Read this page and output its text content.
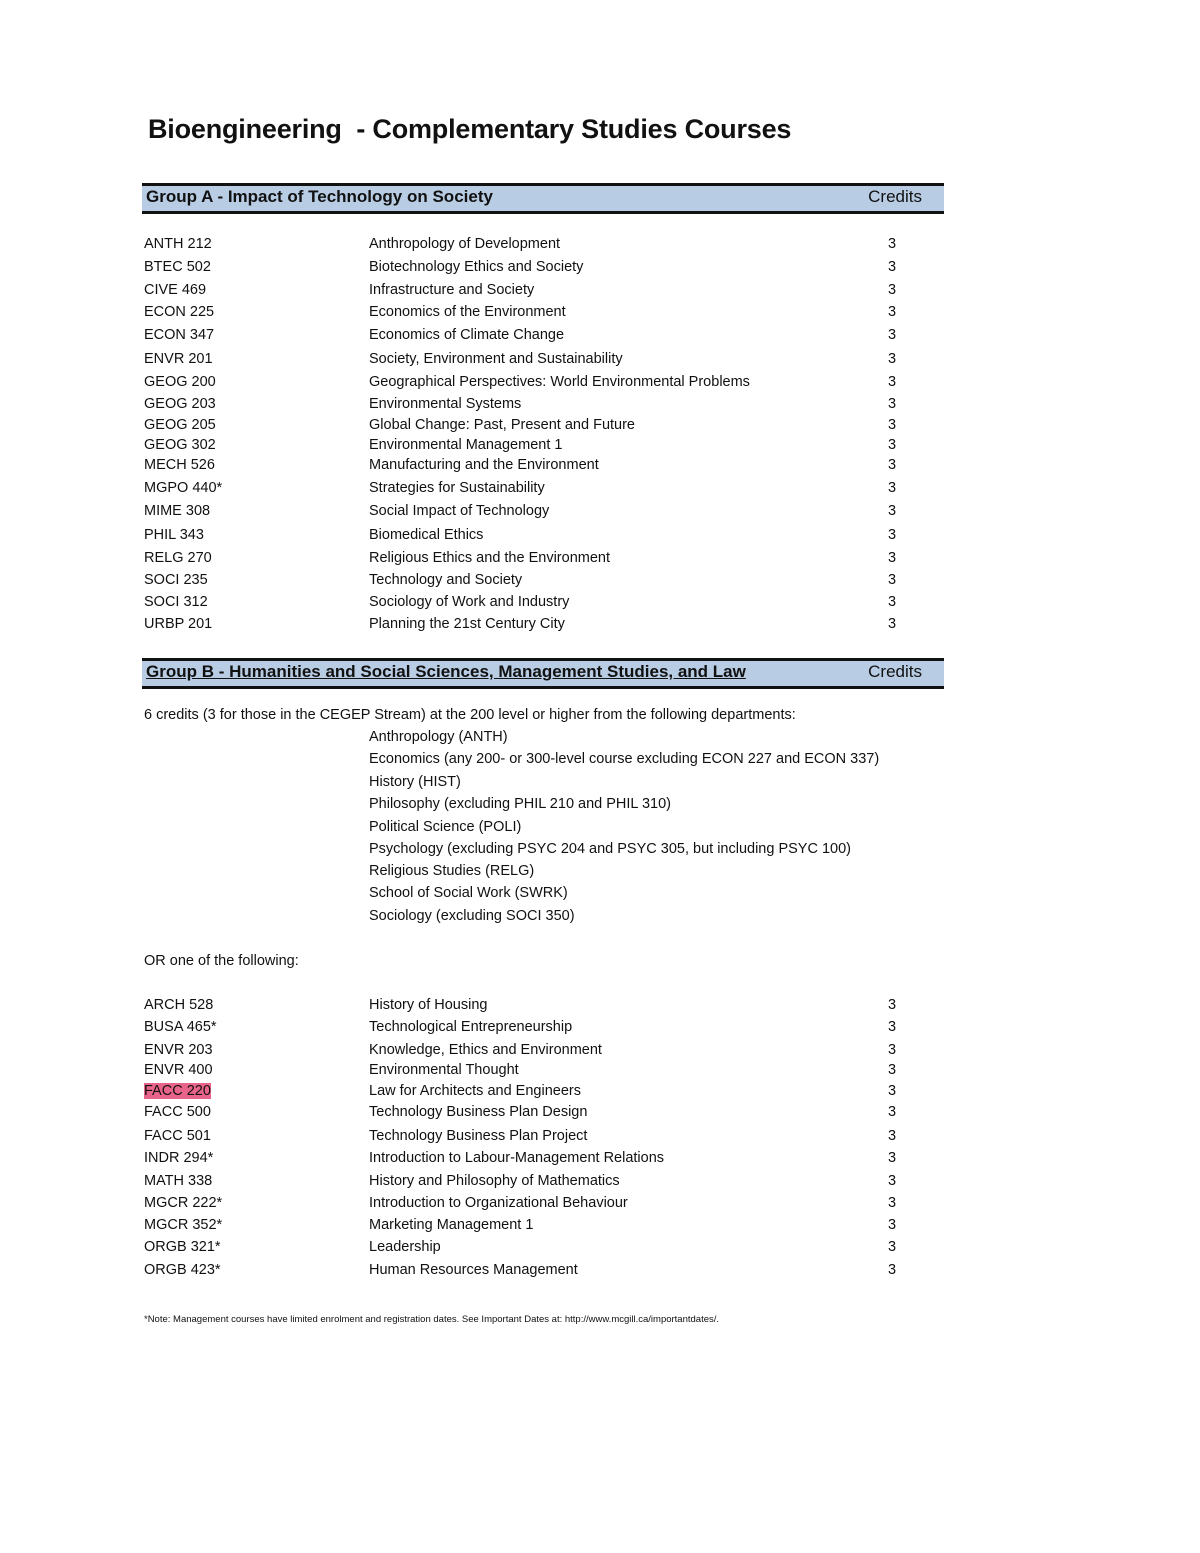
Bioengineering  - Complementary Studies Courses
Group A - Impact of Technology on Society	Credits
ANTH 212	Anthropology of Development	3
BTEC 502	Biotechnology Ethics and Society	3
CIVE 469	Infrastructure and Society	3
ECON 225	Economics of the Environment	3
ECON 347	Economics of Climate Change	3
ENVR 201	Society, Environment and Sustainability	3
GEOG 200	Geographical Perspectives: World Environmental Problems	3
GEOG 203	Environmental Systems	3
GEOG 205	Global Change: Past, Present and Future	3
GEOG 302	Environmental Management 1	3
MECH 526	Manufacturing and the Environment	3
MGPO 440*	Strategies for Sustainability	3
MIME 308	Social Impact of Technology	3
PHIL 343	Biomedical Ethics	3
RELG 270	Religious Ethics and the Environment	3
SOCI 235	Technology and Society	3
SOCI 312	Sociology of Work and Industry	3
URBP 201	Planning the 21st Century City	3
Group B - Humanities and Social Sciences, Management Studies, and Law	Credits
6 credits (3 for those in the CEGEP Stream) at the 200 level or higher from the following departments:
Anthropology (ANTH)
Economics (any 200- or 300-level course excluding ECON 227 and ECON 337)
History (HIST)
Philosophy (excluding PHIL 210 and PHIL 310)
Political Science (POLI)
Psychology (excluding PSYC 204 and PSYC 305, but including PSYC 100)
Religious Studies (RELG)
School of Social Work (SWRK)
Sociology (excluding SOCI 350)
OR one of the following:
ARCH 528	History of Housing	3
BUSA 465*	Technological Entrepreneurship	3
ENVR 203	Knowledge, Ethics and Environment	3
ENVR 400	Environmental Thought	3
FACC 220	Law for Architects and Engineers	3
FACC 500	Technology Business Plan Design	3
FACC 501	Technology Business Plan Project	3
INDR 294*	Introduction to Labour-Management Relations	3
MATH 338	History and Philosophy of Mathematics	3
MGCR 222*	Introduction to Organizational Behaviour	3
MGCR 352*	Marketing Management 1	3
ORGB 321*	Leadership	3
ORGB 423*	Human Resources Management	3
*Note: Management courses have limited enrolment and registration dates. See Important Dates at: http://www.mcgill.ca/importantdates/.
